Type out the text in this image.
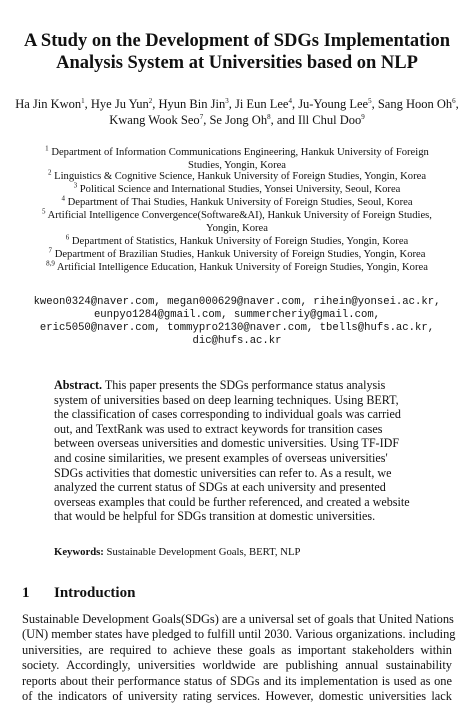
A Study on the Development of SDGs Implementation
Analysis System at Universities based on NLP
Ha Jin Kwon$^1$, Hye Ju Yun$^2$, Hyun Bin Jin$^3$, Ji Eun Lee$^4$, Ju-Young Lee$^5$, Sang Hoon Oh$^6$, Kwang Wook Seo$^7$, Se Jong Oh$^8$, and Ill Chul Doo$^9$
$^1$ Department of Information Communications Engineering, Hankuk University of Foreign
Studies, Yongin, Korea
$^2$ Linguistics & Cognitive Science, Hankuk University of Foreign Studies, Yongin, Korea
$^3$ Political Science and International Studies, Yonsei University, Seoul, Korea
$^4$ Department of Thai Studies, Hankuk University of Foreign Studies, Seoul, Korea
$^5$ Artificial Intelligence Convergence(Software&AI), Hankuk University of Foreign Studies,
Yongin, Korea
$^6$ Department of Statistics, Hankuk University of Foreign Studies, Yongin, Korea
$^7$ Department of Brazilian Studies, Hankuk University of Foreign Studies, Yongin, Korea
$^{8,9}$ Artificial Intelligence Education, Hankuk University of Foreign Studies, Yongin, Korea
kweon0324@naver.com, megan000629@naver.com, rihein@yonsei.ac.kr,
eunpyo1284@gmail.com, summercheriy@gmail.com,
eric5050@naver.com, tommypro2130@naver.com, tbells@hufs.ac.kr,
dic@hufs.ac.kr
Abstract. This paper presents the SDGs performance status analysis
system of universities based on deep learning techniques. Using BERT,
the classification of cases corresponding to individual goals was carried
out, and TextRank was used to extract keywords for transition cases
between overseas universities and domestic universities. Using TF-IDF
and cosine similarities, we present examples of overseas universities'
SDGs activities that domestic universities can refer to. As a result, we
analyzed the current status of SDGs at each university and presented
overseas examples that could be further referenced, and created a website
that would be helpful for SDGs transition at domestic universities.
Keywords: Sustainable Development Goals, BERT, NLP
1 Introduction
Sustainable Development Goals(SDGs) are a universal set of goals that United Nations
(UN) member states have pledged to fulfill until 2030. Various organizations. including
universities, are required to achieve these goals as important stakeholders within
society. Accordingly, universities worldwide are publishing annual sustainability
reports about their performance status of SDGs and its implementation is used as one
of the indicators of university rating services. However, domestic universities lack
